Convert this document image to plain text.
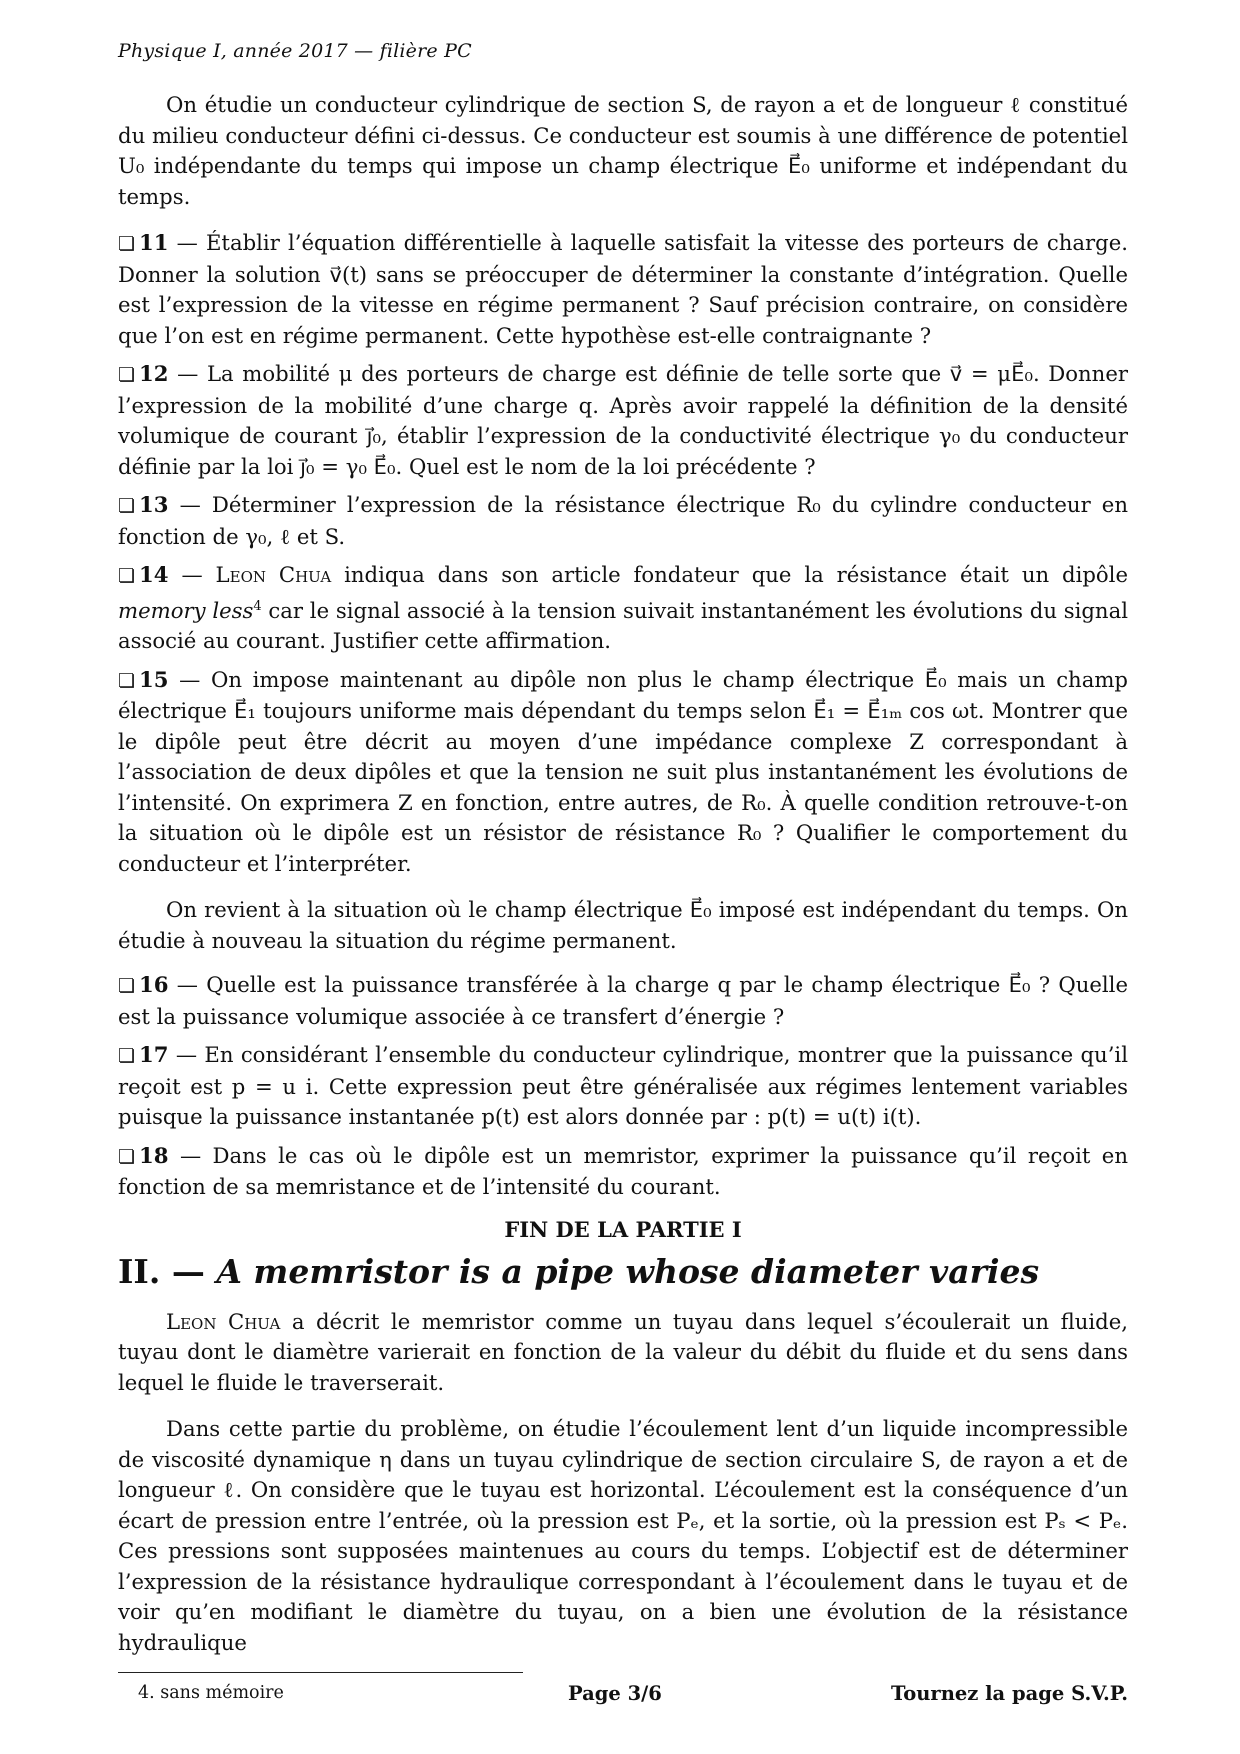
Physique I, année 2017 — filière PC

On étudie un conducteur cylindrique de section S, de rayon a et de longueur ℓ constitué du milieu conducteur défini ci-dessus. Ce conducteur est soumis à une différence de potentiel U₀ indépendante du temps qui impose un champ électrique E⃗₀ uniforme et indépendant du temps.

❏ 11 — Établir l’équation différentielle à laquelle satisfait la vitesse des porteurs de charge. Donner la solution v⃗(t) sans se préoccuper de déterminer la constante d’intégration. Quelle est l’expression de la vitesse en régime permanent ? Sauf précision contraire, on considère que l’on est en régime permanent. Cette hypothèse est-elle contraignante ?

❏ 12 — La mobilité μ des porteurs de charge est définie de telle sorte que v⃗ = μE⃗₀. Donner l’expression de la mobilité d’une charge q. Après avoir rappelé la définition de la densité volumique de courant j⃗₀, établir l’expression de la conductivité électrique γ₀ du conducteur définie par la loi j⃗₀ = γ₀ E⃗₀. Quel est le nom de la loi précédente ?

❏ 13 — Déterminer l’expression de la résistance électrique R₀ du cylindre conducteur en fonction de γ₀, ℓ et S.

❏ 14 — Leon Chua indiqua dans son article fondateur que la résistance était un dipôle memory less$^4$ car le signal associé à la tension suivait instantanément les évolutions du signal associé au courant. Justifier cette affirmation.

❏ 15 — On impose maintenant au dipôle non plus le champ électrique E⃗₀ mais un champ électrique E⃗₁ toujours uniforme mais dépendant du temps selon E⃗₁ = E⃗₁ₘ cos ωt. Montrer que le dipôle peut être décrit au moyen d’une impédance complexe Z correspondant à l’association de deux dipôles et que la tension ne suit plus instantanément les évolutions de l’intensité. On exprimera Z en fonction, entre autres, de R₀. À quelle condition retrouve-t-on la situation où le dipôle est un résistor de résistance R₀ ? Qualifier le comportement du conducteur et l’interpréter.

On revient à la situation où le champ électrique E⃗₀ imposé est indépendant du temps. On étudie à nouveau la situation du régime permanent.

❏ 16 — Quelle est la puissance transférée à la charge q par le champ électrique E⃗₀ ? Quelle est la puissance volumique associée à ce transfert d’énergie ?

❏ 17 — En considérant l’ensemble du conducteur cylindrique, montrer que la puissance qu’il reçoit est p = u i. Cette expression peut être généralisée aux régimes lentement variables puisque la puissance instantanée p(t) est alors donnée par : p(t) = u(t) i(t).

❏ 18 — Dans le cas où le dipôle est un memristor, exprimer la puissance qu’il reçoit en fonction de sa memristance et de l’intensité du courant.

FIN DE LA PARTIE I
II. — A memristor is a pipe whose diameter varies

Leon Chua a décrit le memristor comme un tuyau dans lequel s’écoulerait un fluide, tuyau dont le diamètre varierait en fonction de la valeur du débit du fluide et du sens dans lequel le fluide le traverserait.

Dans cette partie du problème, on étudie l’écoulement lent d’un liquide incompressible de viscosité dynamique η dans un tuyau cylindrique de section circulaire S, de rayon a et de longueur ℓ. On considère que le tuyau est horizontal. L’écoulement est la conséquence d’un écart de pression entre l’entrée, où la pression est Pₑ, et la sortie, où la pression est Pₛ < Pₑ. Ces pressions sont supposées maintenues au cours du temps. L’objectif est de déterminer l’expression de la résistance hydraulique correspondant à l’écoulement dans le tuyau et de voir qu’en modifiant le diamètre du tuyau, on a bien une évolution de la résistance hydraulique

4. sans mémoire	Page 3/6	Tournez la page S.V.P.
